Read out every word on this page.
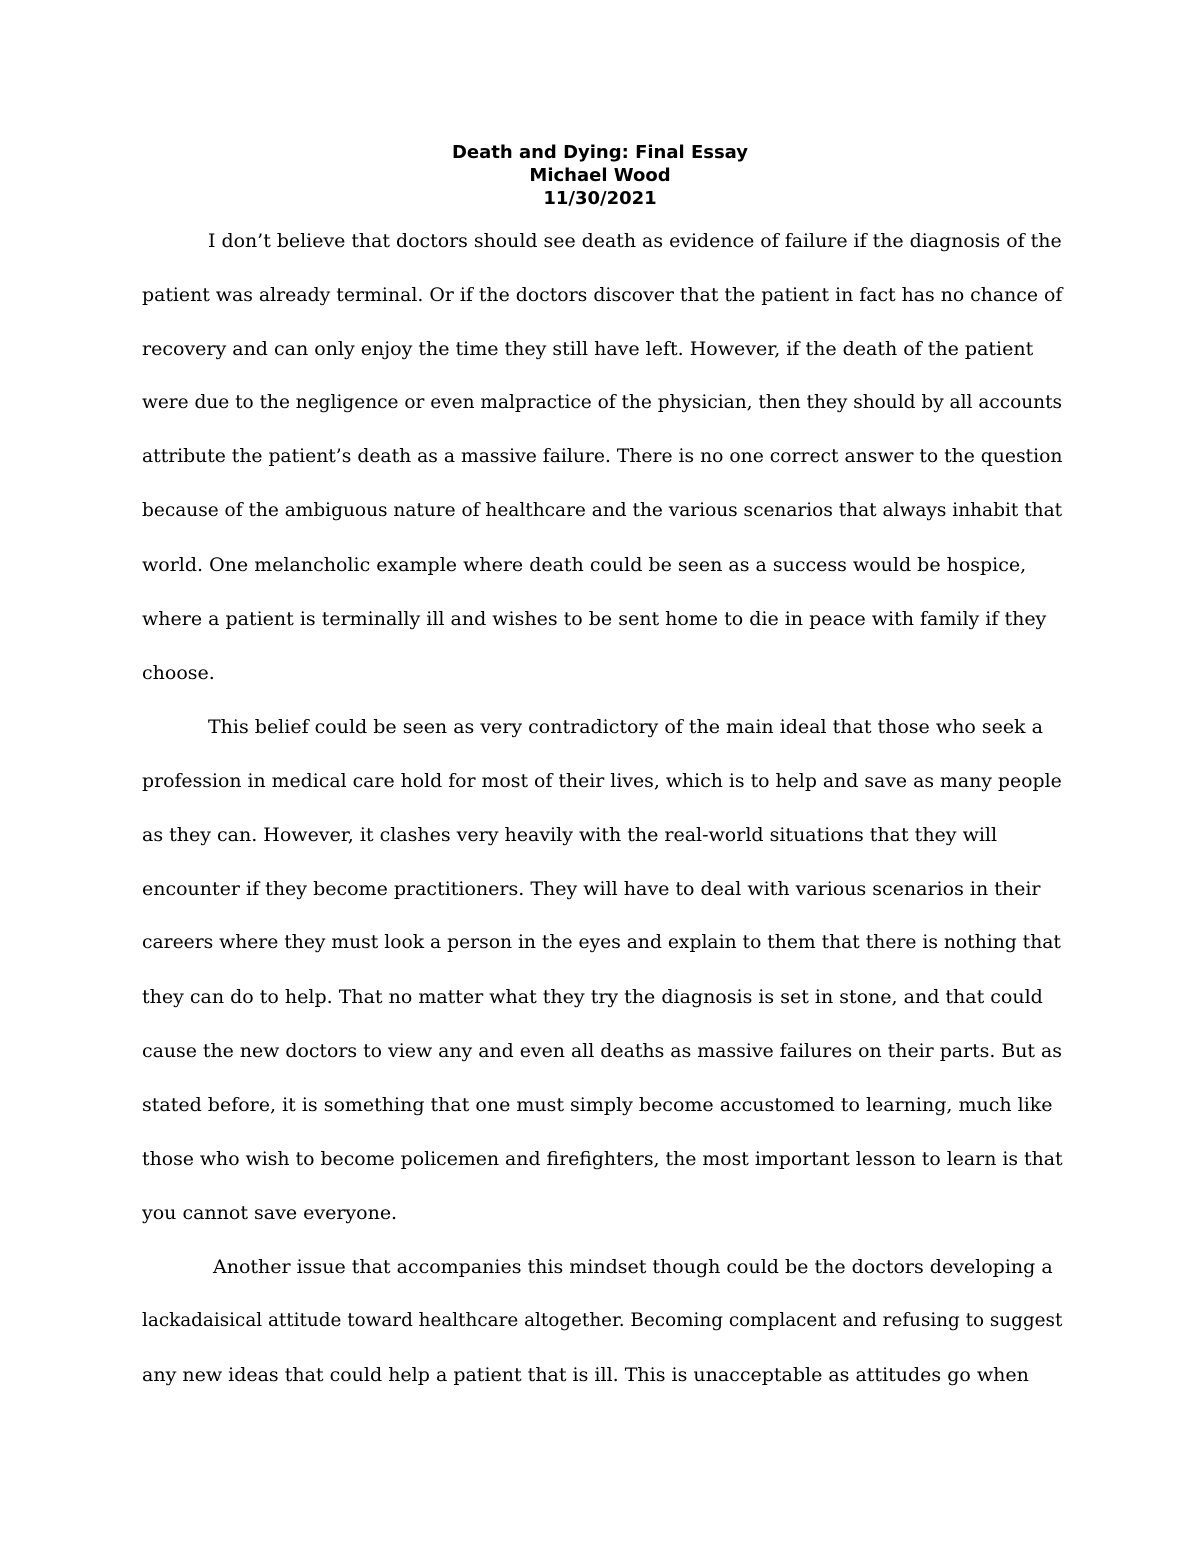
Death and Dying: Final Essay
Michael Wood
11/30/2021
I don’t believe that doctors should see death as evidence of failure if the diagnosis of the
patient was already terminal. Or if the doctors discover that the patient in fact has no chance of
recovery and can only enjoy the time they still have left. However, if the death of the patient
were due to the negligence or even malpractice of the physician, then they should by all accounts
attribute the patient’s death as a massive failure. There is no one correct answer to the question
because of the ambiguous nature of healthcare and the various scenarios that always inhabit that
world. One melancholic example where death could be seen as a success would be hospice,
where a patient is terminally ill and wishes to be sent home to die in peace with family if they
choose.
This belief could be seen as very contradictory of the main ideal that those who seek a
profession in medical care hold for most of their lives, which is to help and save as many people
as they can. However, it clashes very heavily with the real-world situations that they will
encounter if they become practitioners. They will have to deal with various scenarios in their
careers where they must look a person in the eyes and explain to them that there is nothing that
they can do to help. That no matter what they try the diagnosis is set in stone, and that could
cause the new doctors to view any and even all deaths as massive failures on their parts. But as
stated before, it is something that one must simply become accustomed to learning, much like
those who wish to become policemen and firefighters, the most important lesson to learn is that
you cannot save everyone.
Another issue that accompanies this mindset though could be the doctors developing a
lackadaisical attitude toward healthcare altogether. Becoming complacent and refusing to suggest
any new ideas that could help a patient that is ill. This is unacceptable as attitudes go when
